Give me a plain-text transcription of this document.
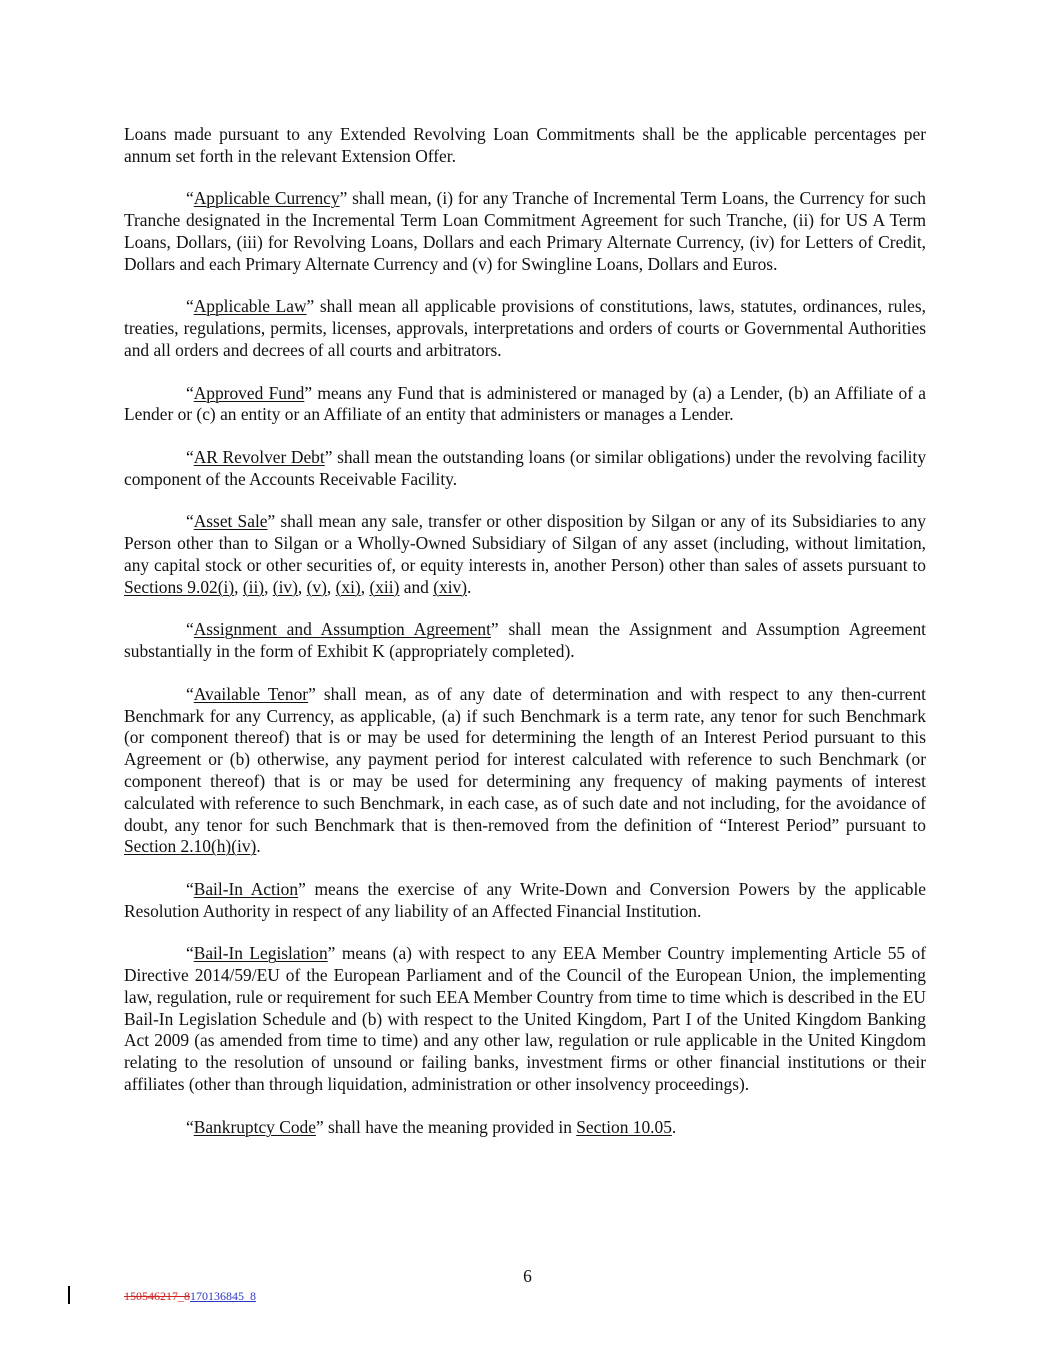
Loans made pursuant to any Extended Revolving Loan Commitments shall be the applicable percentages per annum set forth in the relevant Extension Offer.

“Applicable Currency” shall mean, (i) for any Tranche of Incremental Term Loans, the Currency for such Tranche designated in the Incremental Term Loan Commitment Agreement for such Tranche, (ii) for US A Term Loans, Dollars, (iii) for Revolving Loans, Dollars and each Primary Alternate Currency, (iv) for Letters of Credit, Dollars and each Primary Alternate Currency and (v) for Swingline Loans, Dollars and Euros.

“Applicable Law” shall mean all applicable provisions of constitutions, laws, statutes, ordinances, rules, treaties, regulations, permits, licenses, approvals, interpretations and orders of courts or Governmental Authorities and all orders and decrees of all courts and arbitrators.

“Approved Fund” means any Fund that is administered or managed by (a) a Lender, (b) an Affiliate of a Lender or (c) an entity or an Affiliate of an entity that administers or manages a Lender.

“AR Revolver Debt” shall mean the outstanding loans (or similar obligations) under the revolving facility component of the Accounts Receivable Facility.

“Asset Sale” shall mean any sale, transfer or other disposition by Silgan or any of its Subsidiaries to any Person other than to Silgan or a Wholly-Owned Subsidiary of Silgan of any asset (including, without limitation, any capital stock or other securities of, or equity interests in, another Person) other than sales of assets pursuant to Sections 9.02(i), (ii), (iv), (v), (xi), (xii) and (xiv).

“Assignment and Assumption Agreement” shall mean the Assignment and Assumption Agreement substantially in the form of Exhibit K (appropriately completed).

“Available Tenor” shall mean, as of any date of determination and with respect to any then-current Benchmark for any Currency, as applicable, (a) if such Benchmark is a term rate, any tenor for such Benchmark (or component thereof) that is or may be used for determining the length of an Interest Period pursuant to this Agreement or (b) otherwise, any payment period for interest calculated with reference to such Benchmark (or component thereof) that is or may be used for determining any frequency of making payments of interest calculated with reference to such Benchmark, in each case, as of such date and not including, for the avoidance of doubt, any tenor for such Benchmark that is then-removed from the definition of “Interest Period” pursuant to Section 2.10(h)(iv).

“Bail-In Action” means the exercise of any Write-Down and Conversion Powers by the applicable Resolution Authority in respect of any liability of an Affected Financial Institution.

“Bail-In Legislation” means (a) with respect to any EEA Member Country implementing Article 55 of Directive 2014/59/EU of the European Parliament and of the Council of the European Union, the implementing law, regulation, rule or requirement for such EEA Member Country from time to time which is described in the EU Bail-In Legislation Schedule and (b) with respect to the United Kingdom, Part I of the United Kingdom Banking Act 2009 (as amended from time to time) and any other law, regulation or rule applicable in the United Kingdom relating to the resolution of unsound or failing banks, investment firms or other financial institutions or their affiliates (other than through liquidation, administration or other insolvency proceedings).

“Bankruptcy Code” shall have the meaning provided in Section 10.05.

6
150546217_8170136845_8
